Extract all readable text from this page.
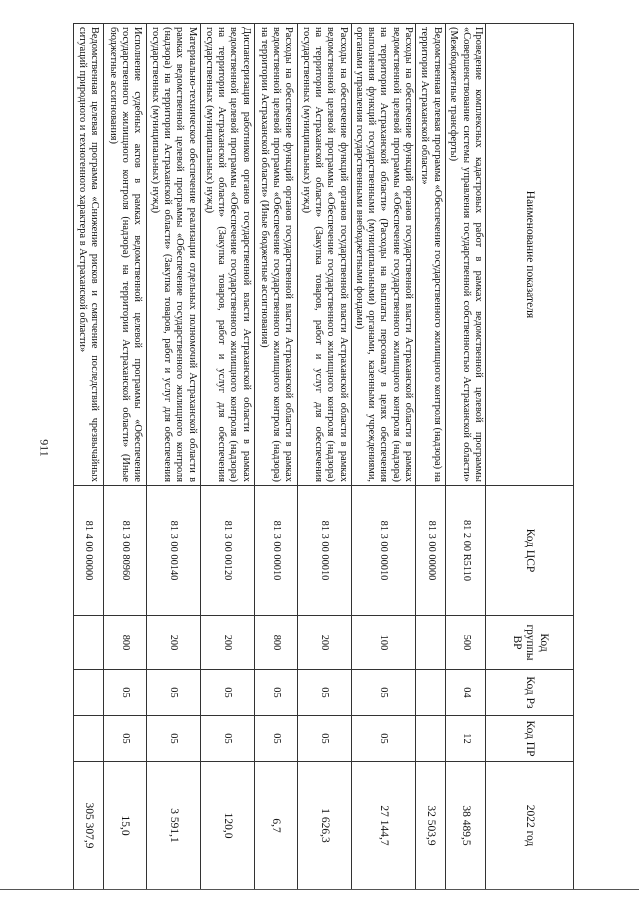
911
Наименование показателя	Код ЦСР	Код группы ВР	Код Рз	Код ПР	2022 год
Проведение комплексных кадастровых работ в рамках ведомственной целевой программы «Совершенствование системы управления государственной собственностью Астраханской области» (Межбюджетные трансферты)	81 2 00 R5110	500	04	12	38 489,5
Ведомственная целевая программа «Обеспечение государственного жилищного контроля (надзора) на территории Астраханской области»	81 3 00 00000				32 503,9
Расходы на обеспечение функций органов государственной власти Астраханской области в рамках ведомственной целевой программы «Обеспечение государственного жилищного контроля (надзора) на территории Астраханской области» (Расходы на выплаты персоналу в целях обеспечения выполнения функций государственными (муниципальными) органами, казенными учреждениями, органами управления государственными внебюджетными фондами)	81 3 00 00010	100	05	05	27 144,7
Расходы на обеспечение функций органов государственной власти Астраханской области в рамках ведомственной целевой программы «Обеспечение государственного жилищного контроля (надзора) на территории Астраханской области» (Закупка товаров, работ и услуг для обеспечения государственных (муниципальных) нужд)	81 3 00 00010	200	05	05	1 626,3
Расходы на обеспечение функций органов государственной власти Астраханской области в рамках ведомственной целевой программы «Обеспечение государственного жилищного контроля (надзора) на территории Астраханской области» (Иные бюджетные ассигнования)	81 3 00 00010	800	05	05	6,7
Диспансеризация работников органов государственной власти Астраханской области в рамках ведомственной целевой программы «Обеспечение государственного жилищного контроля (надзора) на территории Астраханской области» (Закупка товаров, работ и услуг для обеспечения государственных (муниципальных) нужд)	81 3 00 00120	200	05	05	120,0
Материально-техническое обеспечение реализации отдельных полномочий Астраханской области в рамках ведомственной целевой программы «Обеспечение государственного жилищного контроля (надзора) на территории Астраханской области» (Закупка товаров, работ и услуг для обеспечения государственных (муниципальных) нужд)	81 3 00 00140	200	05	05	3 591,1
Исполнение судебных актов в рамках ведомственной целевой программы «Обеспечение государственного жилищного контроля (надзора) на территории Астраханской области» (Иные бюджетные ассигнования)	81 3 00 80960	800	05	05	15,0
Ведомственная целевая программа «Снижение рисков и смягчение последствий чрезвычайных ситуаций природного и техногенного характера в Астраханской области»	81 4 00 00000				305 307,9
